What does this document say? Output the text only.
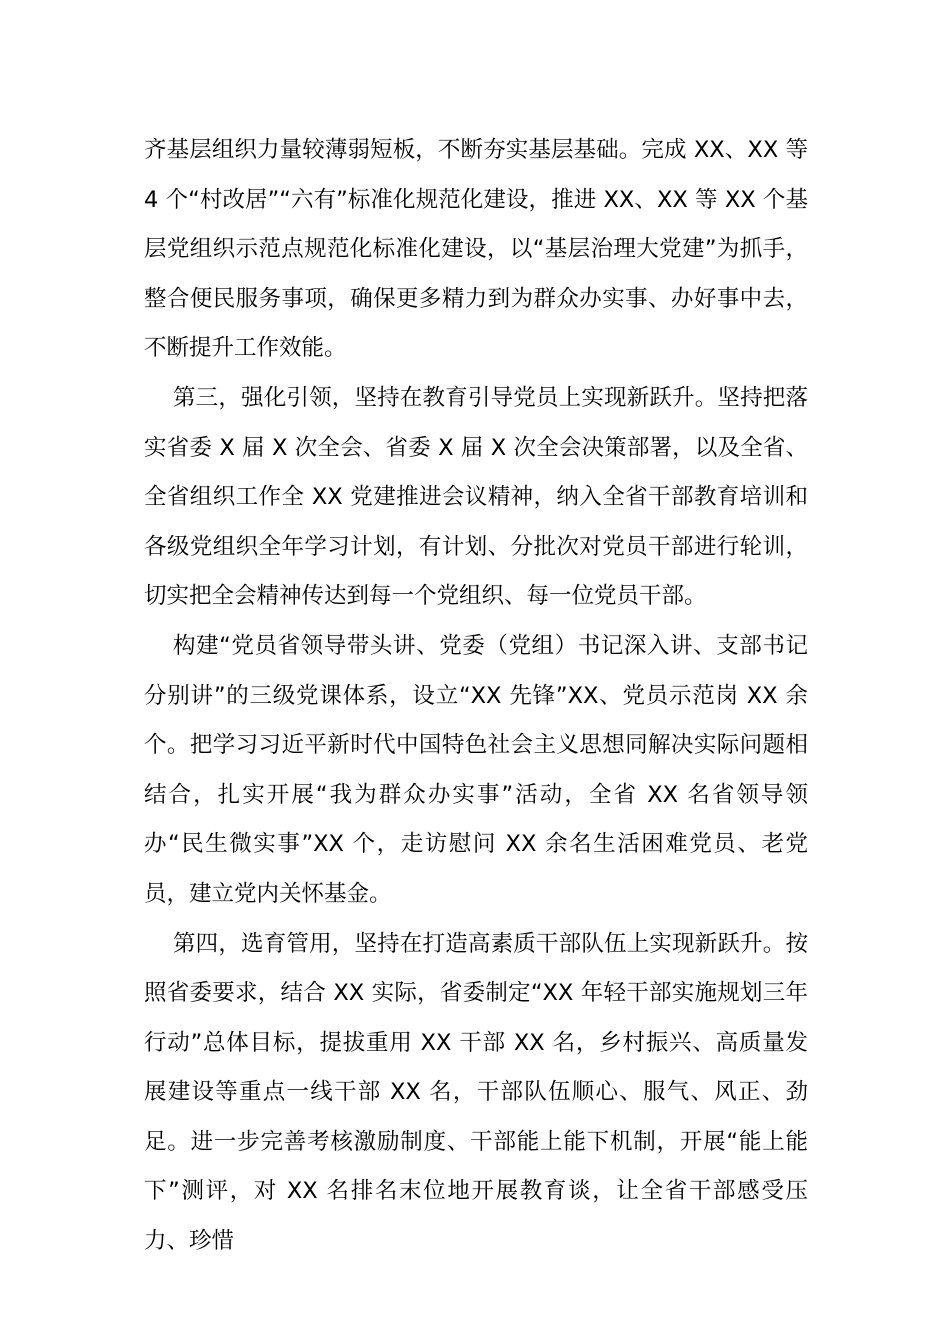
齐基层组织力量较薄弱短板，不断夯实基层基础。完成 XX、XX 等 4 个“村改居”“六有”标准化规范化建设，推进 XX、XX 等 XX 个基层党组织示范点规范化标准化建设，以“基层治理大党建”为抓手，整合便民服务事项，确保更多精力到为群众办实事、办好事中去，不断提升工作效能。

第三，强化引领，坚持在教育引导党员上实现新跃升。坚持把落实省委 X 届 X 次全会、省委 X 届 X 次全会决策部署，以及全省、全省组织工作全 XX 党建推进会议精神，纳入全省干部教育培训和各级党组织全年学习计划，有计划、分批次对党员干部进行轮训，切实把全会精神传达到每一个党组织、每一位党员干部。

构建“党员省领导带头讲、党委（党组）书记深入讲、支部书记分别讲”的三级党课体系，设立“XX 先锋”XX、党员示范岗 XX 余个。把学习习近平新时代中国特色社会主义思想同解决实际问题相结合，扎实开展“我为群众办实事”活动，全省 XX 名省领导领办“民生微实事”XX 个，走访慰问 XX 余名生活困难党员、老党员，建立党内关怀基金。

第四，选育管用，坚持在打造高素质干部队伍上实现新跃升。按照省委要求，结合 XX 实际，省委制定“XX 年轻干部实施规划三年行动”总体目标，提拔重用 XX 干部 XX 名，乡村振兴、高质量发展建设等重点一线干部 XX 名，干部队伍顺心、服气、风正、劲足。进一步完善考核激励制度、干部能上能下机制，开展“能上能下”测评，对 XX 名排名末位地开展教育谈，让全省干部感受压力、珍惜
